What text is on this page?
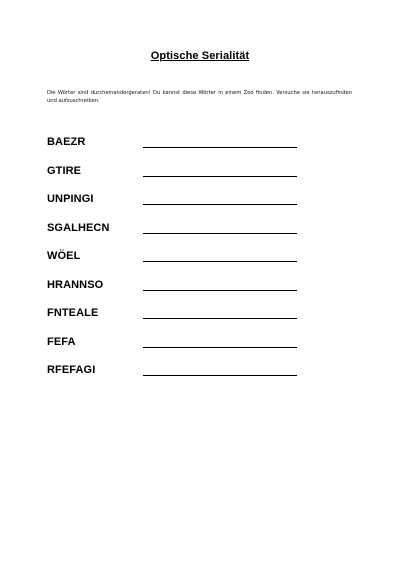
Optische Serialität
Die Wörter sind durcheinandergeraten! Du kannst diese Wörter in einem Zoo finden. Versuche sie herauszufinden und aufzuschreiben.
BAEZR
GTIRE
UNPINGI
SGALHECN
WÖEL
HRANNSO
FNTEALE
FEFA
RFEFAGI
